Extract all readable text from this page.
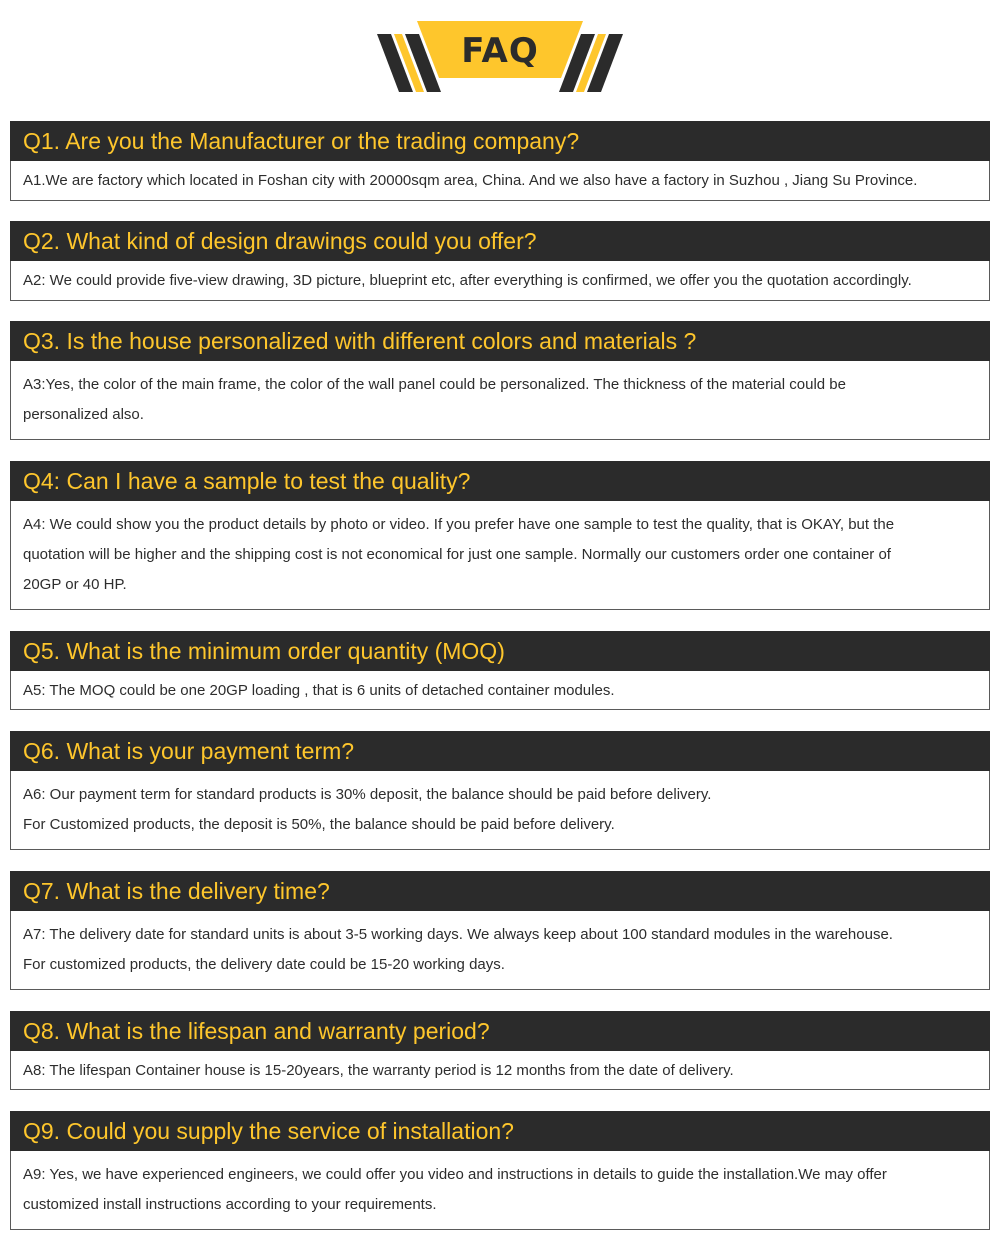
FAQ
Q1. Are you the Manufacturer or the trading company?
A1.We are factory which located in Foshan city with 20000sqm area, China. And we also have a factory in Suzhou , Jiang Su Province.
Q2. What kind of design drawings could you offer?
A2: We could provide five-view drawing, 3D picture, blueprint etc, after everything is confirmed, we offer you the quotation accordingly.
Q3. Is the house personalized with different colors and materials ?
A3:Yes, the color of the main frame, the color of the wall panel could be personalized. The thickness of the material could be
personalized also.
Q4: Can I have a sample to test the quality?
A4: We could show you the product details by photo or video. If you prefer have one sample to test the quality, that is OKAY, but the
quotation will be higher and the shipping cost is not economical for just one sample. Normally our customers order one container of
20GP or 40 HP.
Q5. What is the minimum order quantity (MOQ)
A5: The MOQ could be one 20GP loading , that is 6 units of detached container modules.
Q6. What is your payment term?
A6: Our payment term for standard products is 30% deposit, the balance should be paid before delivery.
For Customized products, the deposit is 50%, the balance should be paid before delivery.
Q7. What is the delivery time?
A7: The delivery date for standard units is about 3-5 working days. We always keep about 100 standard modules in the warehouse.
For customized products, the delivery date could be 15-20 working days.
Q8. What is the lifespan and warranty period?
A8: The lifespan Container house is 15-20years, the warranty period is 12 months from the date of delivery.
Q9. Could you supply the service of installation?
A9: Yes, we have experienced engineers, we could offer you video and instructions in details to guide the installation.We may offer
customized install instructions according to your requirements.
